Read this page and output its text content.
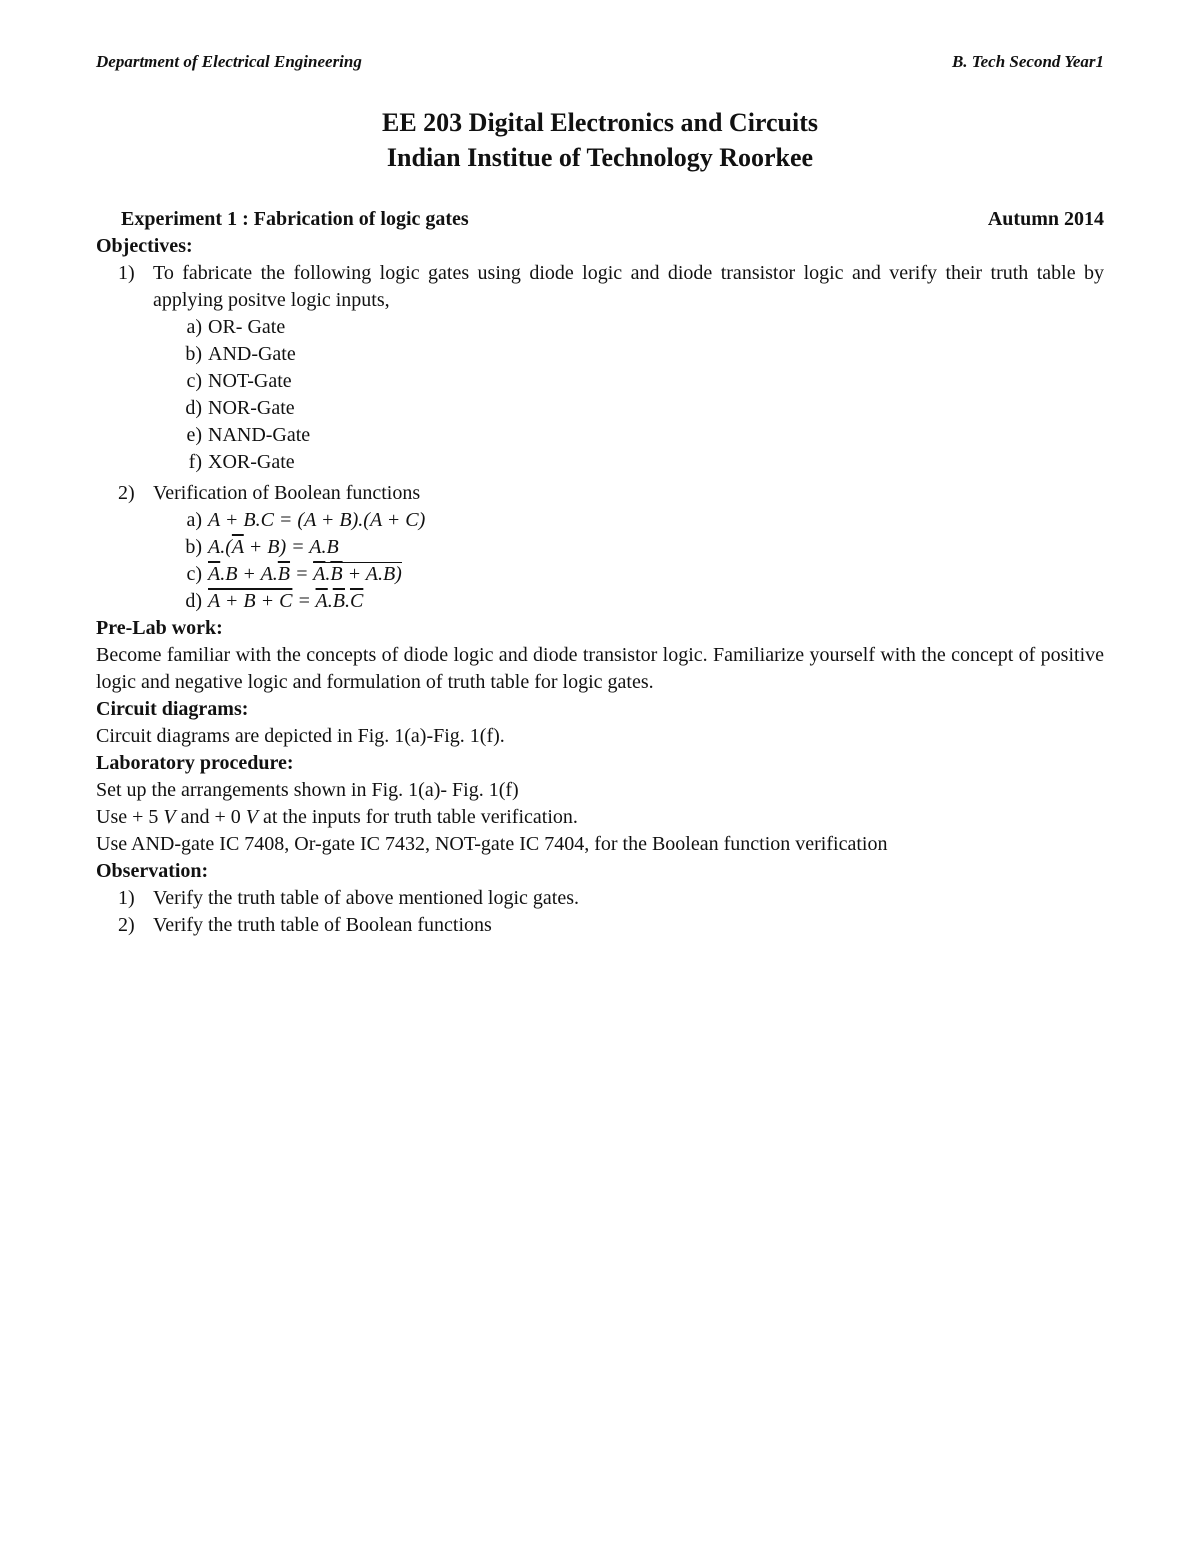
Department of Electrical Engineering	B. Tech Second Year1
EE 203 Digital Electronics and Circuits
Indian Institue of Technology Roorkee
Experiment 1 : Fabrication of logic gates	Autumn 2014
Objectives:
1) To fabricate the following logic gates using diode logic and diode transistor logic and verify their truth table by applying positve logic inputs,
a) OR- Gate
b) AND-Gate
c) NOT-Gate
d) NOR-Gate
e) NAND-Gate
f) XOR-Gate
2) Verification of Boolean functions
a) A + B.C = (A + B).(A + C)
b) $A.(\overline{A} + B) = A.B$
c) $\overline{A}.B + A.\overline{B} = \overline{A}.\overline{B} + A.B$)
d) $A + B + C = \overline{A}.\overline{B}.\overline{C}$
Pre-Lab work:
Become familiar with the concepts of diode logic and diode transistor logic. Familiarize yourself with the concept of positive logic and negative logic and formulation of truth table for logic gates.
Circuit diagrams:
Circuit diagrams are depicted in Fig. 1(a)-Fig. 1(f).
Laboratory procedure:
Set up the arrangements shown in Fig. 1(a)- Fig. 1(f)
Use + 5 V and + 0 V at the inputs for truth table verification.
Use AND-gate IC 7408, Or-gate IC 7432, NOT-gate IC 7404, for the Boolean function verification
Observation:
1) Verify the truth table of above mentioned logic gates.
2) Verify the truth table of Boolean functions
